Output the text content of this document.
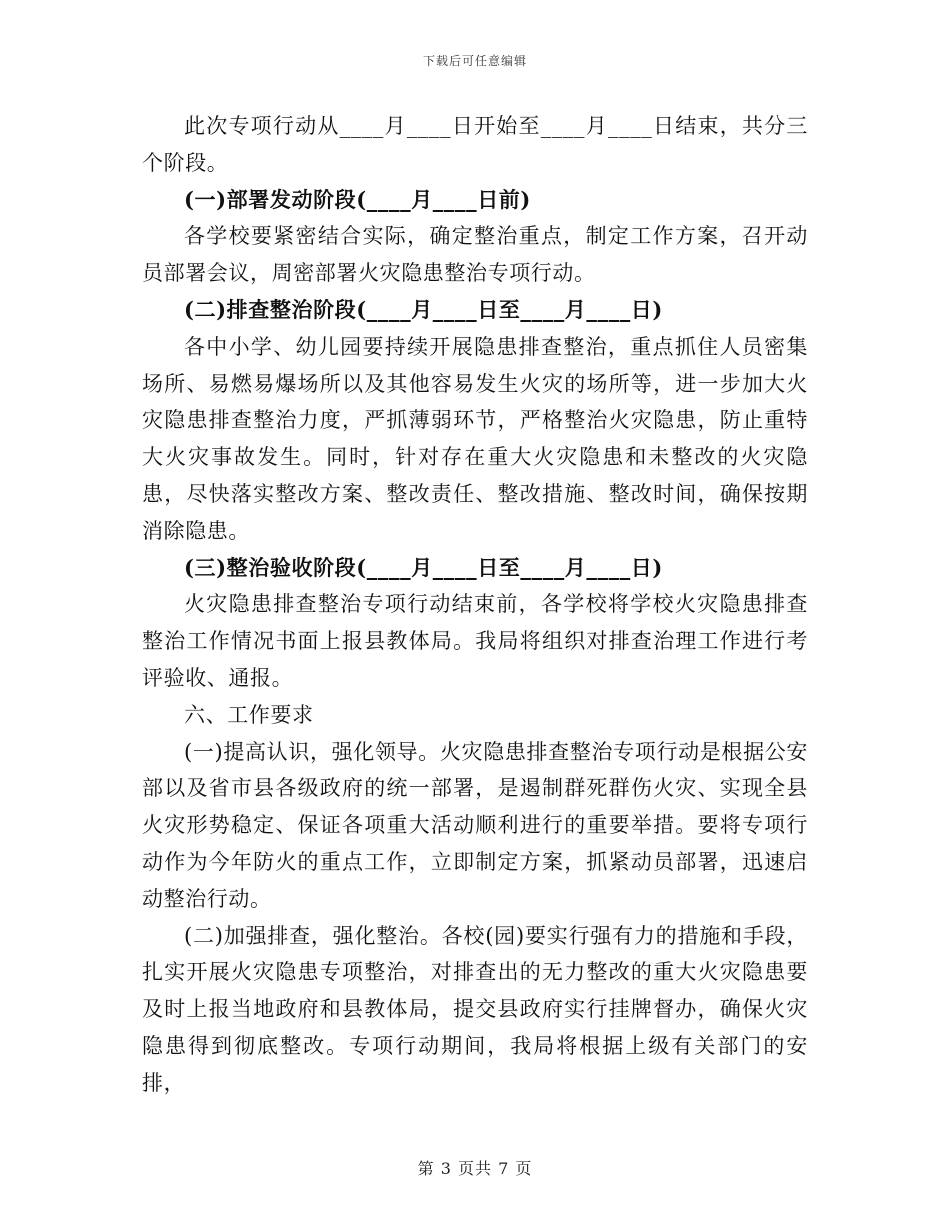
下载后可任意编辑

此次专项行动从____月____日开始至____月____日结束，共分三个阶段。

(一)部署发动阶段(____月____日前)

各学校要紧密结合实际，确定整治重点，制定工作方案，召开动员部署会议，周密部署火灾隐患整治专项行动。

(二)排查整治阶段(____月____日至____月____日)

各中小学、幼儿园要持续开展隐患排查整治，重点抓住人员密集场所、易燃易爆场所以及其他容易发生火灾的场所等，进一步加大火灾隐患排查整治力度，严抓薄弱环节，严格整治火灾隐患，防止重特大火灾事故发生。同时，针对存在重大火灾隐患和未整改的火灾隐患，尽快落实整改方案、整改责任、整改措施、整改时间，确保按期消除隐患。

(三)整治验收阶段(____月____日至____月____日)

火灾隐患排查整治专项行动结束前，各学校将学校火灾隐患排查整治工作情况书面上报县教体局。我局将组织对排查治理工作进行考评验收、通报。

六、工作要求

(一)提高认识，强化领导。火灾隐患排查整治专项行动是根据公安部以及省市县各级政府的统一部署，是遏制群死群伤火灾、实现全县火灾形势稳定、保证各项重大活动顺利进行的重要举措。要将专项行动作为今年防火的重点工作，立即制定方案，抓紧动员部署，迅速启动整治行动。

(二)加强排查，强化整治。各校(园)要实行强有力的措施和手段，扎实开展火灾隐患专项整治，对排查出的无力整改的重大火灾隐患要及时上报当地政府和县教体局，提交县政府实行挂牌督办，确保火灾隐患得到彻底整改。专项行动期间，我局将根据上级有关部门的安排，

第 3 页共 7 页
